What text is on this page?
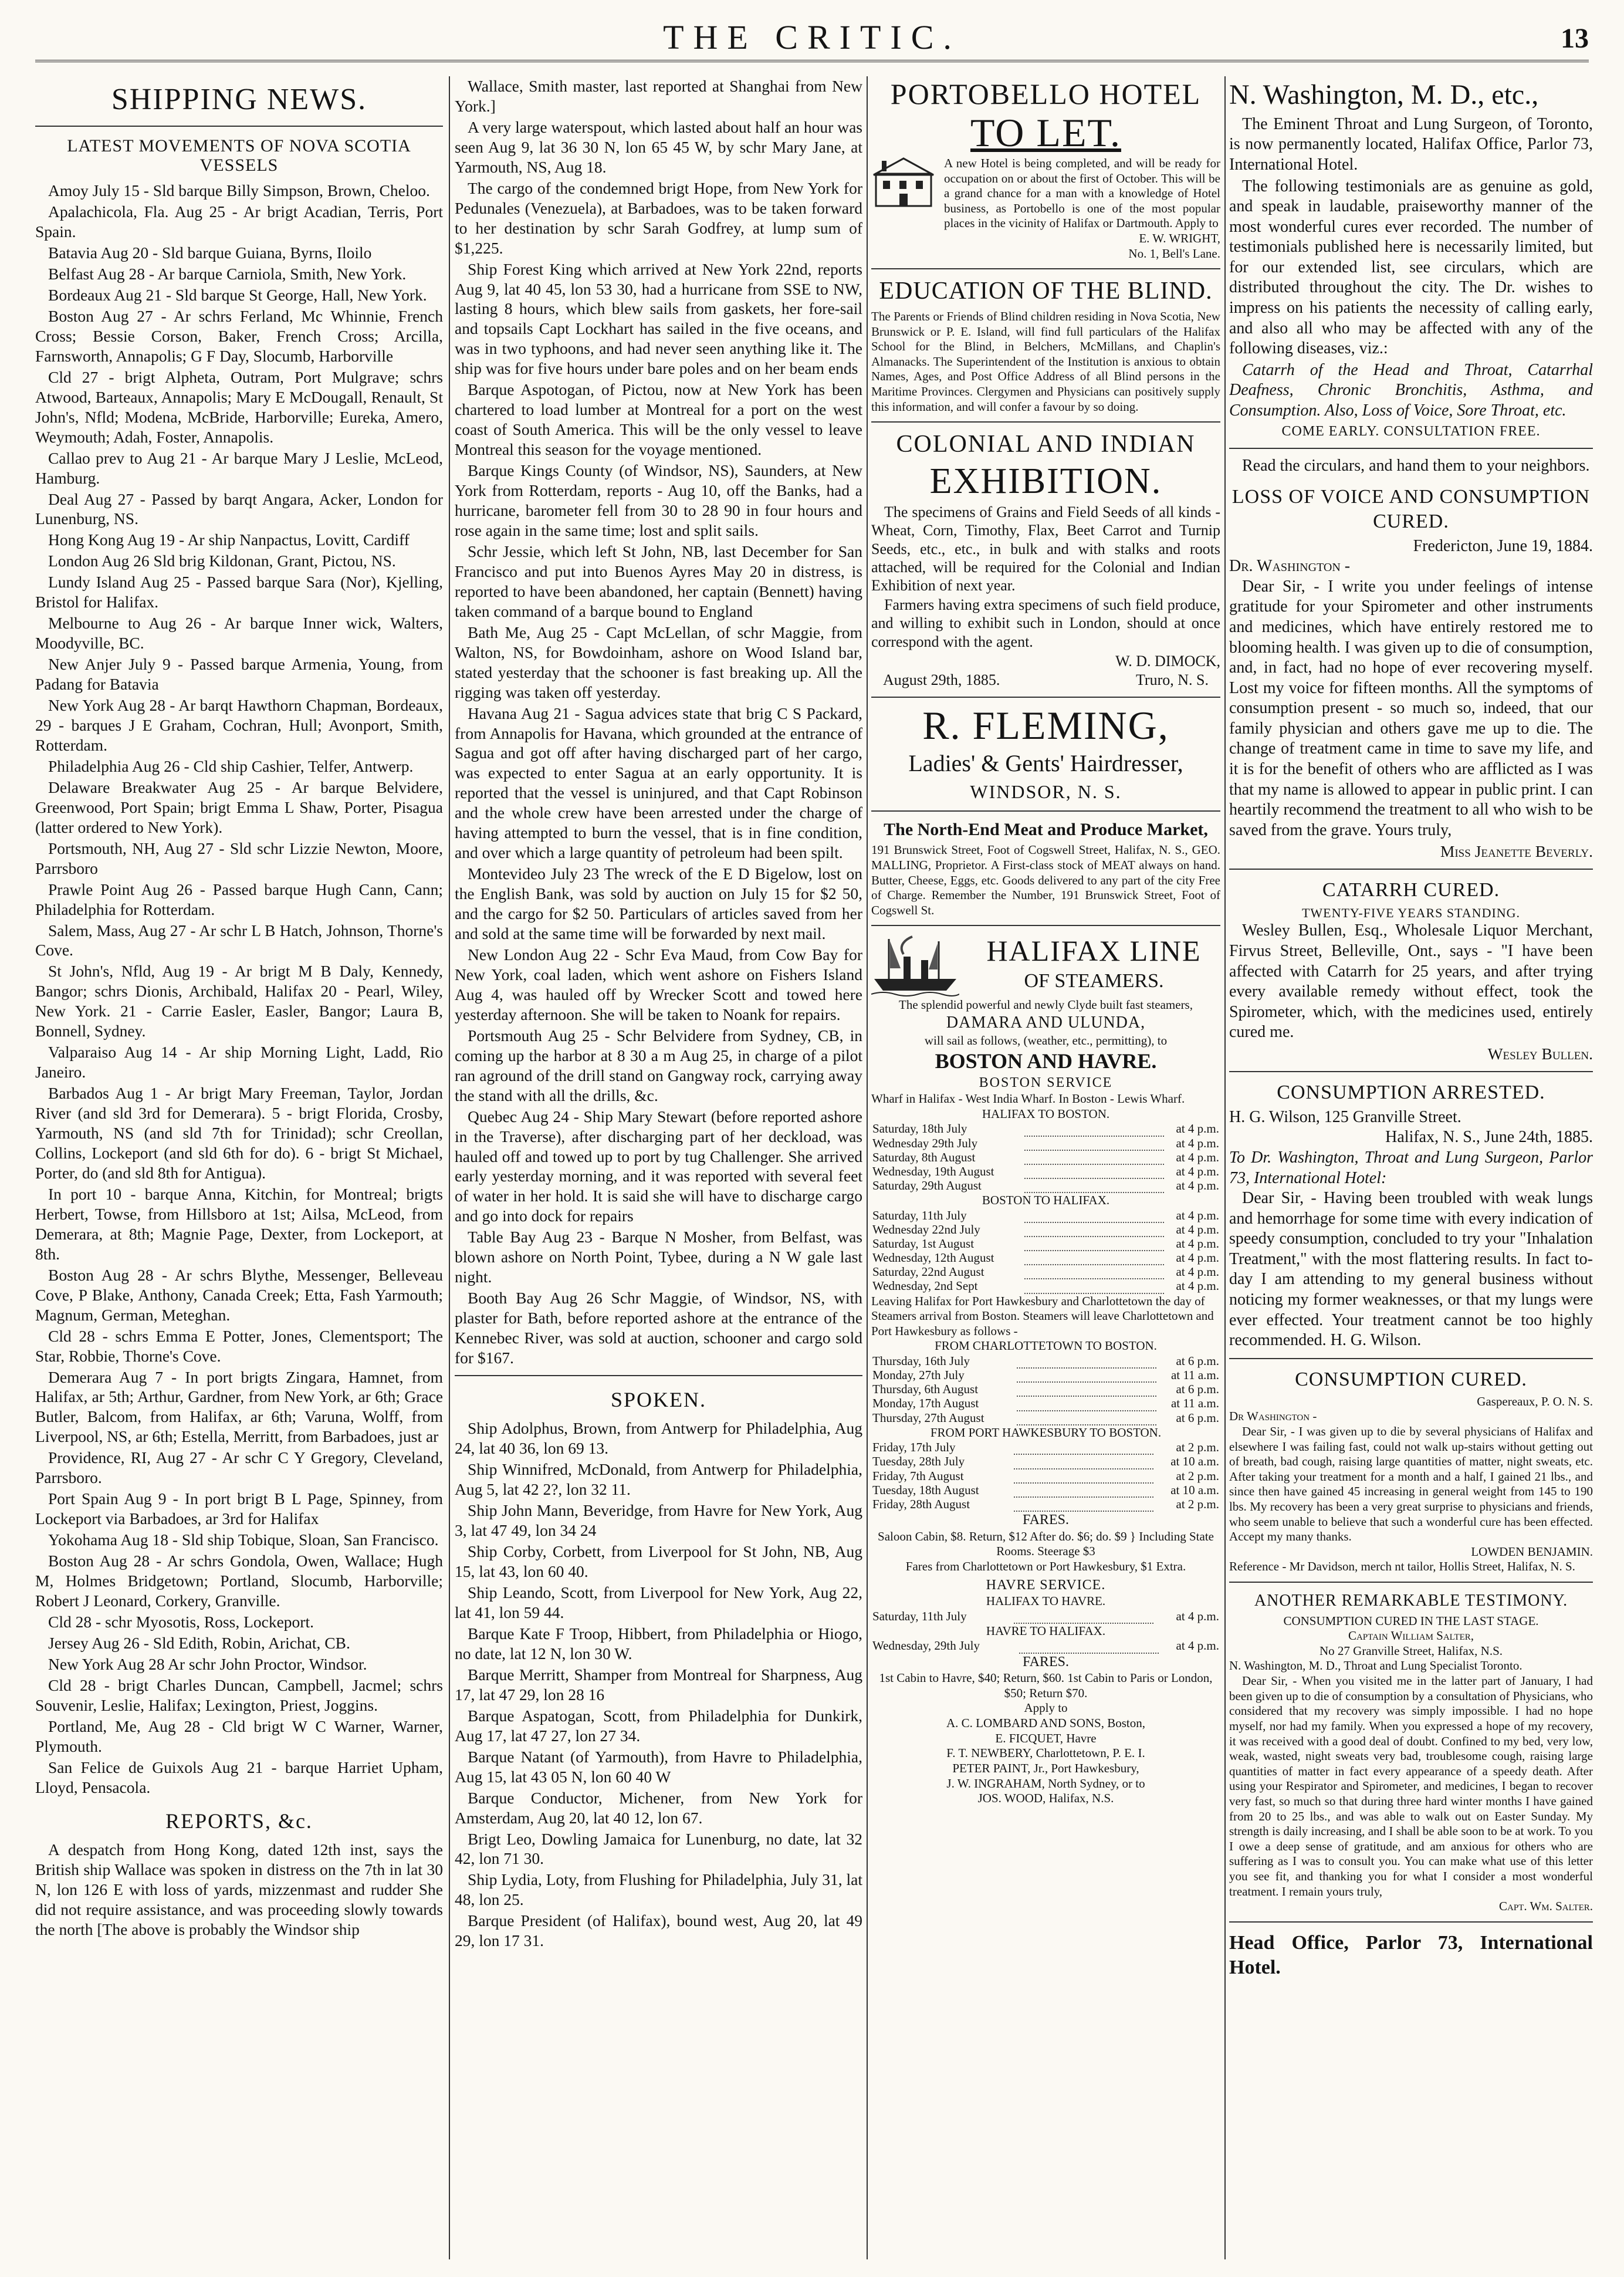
THE CRITIC.	13
SHIPPING NEWS.
LATEST MOVEMENTS OF NOVA SCOTIA VESSELS
Amoy July 15 - Sld barque Billy Simpson, Brown, Cheloo.
Apalachicola, Fla. Aug 25 - Ar brigt Acadian, Terris, Port Spain.
Batavia Aug 20 - Sld barque Guiana, Byrns, Iloilo
Belfast Aug 28 - Ar barque Carniola, Smith, New York.
Bordeaux Aug 21 - Sld barque St George, Hall, New York.
Boston Aug 27 - Ar schrs Ferland, Mc Whinnie, French Cross; Bessie Corson, Baker, French Cross; Arcilla, Farnsworth, Annapolis; G F Day, Slocumb, Harborville
Cld 27 - brigt Alpheta, Outram, Port Mulgrave; schrs Atwood, Barteaux, Annapolis; Mary E McDougall, Renault, St John's, Nfld; Modena, McBride, Harborville; Eureka, Amero, Weymouth; Adah, Foster, Annapolis.
Callao prev to Aug 21 - Ar barque Mary J Leslie, McLeod, Hamburg.
Deal Aug 27 - Passed by barqt Angara, Acker, London for Lunenburg, NS.
Hong Kong Aug 19 - Ar ship Nanpactus, Lovitt, Cardiff
London Aug 26 Sld brig Kildonan, Grant, Pictou, NS.
Lundy Island Aug 25 - Passed barque Sara (Nor), Kjelling, Bristol for Halifax.
Melbourne to Aug 26 - Ar barque Inner wick, Walters, Moodyville, BC.
New Anjer July 9 - Passed barque Armenia, Young, from Padang for Batavia
New York Aug 28 - Ar barqt Hawthorn Chapman, Bordeaux, 29 - barques J E Graham, Cochran, Hull; Avonport, Smith, Rotterdam.
Philadelphia Aug 26 - Cld ship Cashier, Telfer, Antwerp.
Delaware Breakwater Aug 25 - Ar barque Belvidere, Greenwood, Port Spain; brigt Emma L Shaw, Porter, Pisagua (latter ordered to New York).
Portsmouth, NH, Aug 27 - Sld schr Lizzie Newton, Moore, Parrsboro
Prawle Point Aug 26 - Passed barque Hugh Cann, Cann; Philadelphia for Rotterdam.
Salem, Mass, Aug 27 - Ar schr L B Hatch, Johnson, Thorne's Cove.
St John's, Nfld, Aug 19 - Ar brigt M B Daly, Kennedy, Bangor; schrs Dionis, Archibald, Halifax 20 - Pearl, Wiley, New York. 21 - Carrie Easler, Easler, Bangor; Laura B, Bonnell, Sydney.
Valparaiso Aug 14 - Ar ship Morning Light, Ladd, Rio Janeiro.
Barbados Aug 1 - Ar brigt Mary Freeman, Taylor, Jordan River (and sld 3rd for Demerara). 5 - brigt Florida, Crosby, Yarmouth, NS (and sld 7th for Trinidad); schr Creollan, Collins, Lockeport (and sld 6th for do). 6 - brigt St Michael, Porter, do (and sld 8th for Antigua).
In port 10 - barque Anna, Kitchin, for Montreal; brigts Herbert, Towse, from Hillsboro at 1st; Ailsa, McLeod, from Demerara, at 8th; Magnie Page, Dexter, from Lockeport, at 8th.
Boston Aug 28 - Ar schrs Blythe, Messenger, Belleveau Cove, P Blake, Anthony, Canada Creek; Etta, Fash Yarmouth; Magnum, German, Meteghan.
Cld 28 - schrs Emma E Potter, Jones, Clementsport; The Star, Robbie, Thorne's Cove.
Demerara Aug 7 - In port brigts Zingara, Hamnet, from Halifax, ar 5th; Arthur, Gardner, from New York, ar 6th; Grace Butler, Balcom, from Halifax, ar 6th; Varuna, Wolff, from Liverpool, NS, ar 6th; Estella, Merritt, from Barbadoes, just ar
Providence, RI, Aug 27 - Ar schr C Y Gregory, Cleveland, Parrsboro.
Port Spain Aug 9 - In port brigt B L Page, Spinney, from Lockeport via Barbadoes, ar 3rd for Halifax
Yokohama Aug 18 - Sld ship Tobique, Sloan, San Francisco.
Boston Aug 28 - Ar schrs Gondola, Owen, Wallace; Hugh M, Holmes Bridgetown; Portland, Slocumb, Harborville; Robert J Leonard, Corkery, Granville.
Cld 28 - schr Myosotis, Ross, Lockeport.
Jersey Aug 26 - Sld Edith, Robin, Arichat, CB.
New York Aug 28 Ar schr John Proctor, Windsor.
Cld 28 - brigt Charles Duncan, Campbell, Jacmel; schrs Souvenir, Leslie, Halifax; Lexington, Priest, Joggins.
Portland, Me, Aug 28 - Cld brigt W C Warner, Warner, Plymouth.
San Felice de Guixols Aug 21 - barque Harriet Upham, Lloyd, Pensacola.
REPORTS, &c.
A despatch from Hong Kong, dated 12th inst, says the British ship Wallace was spoken in distress on the 7th in lat 30 N, lon 126 E with loss of yards, mizzenmast and rudder She did not require assistance, and was proceeding slowly towards the north [The above is probably the Windsor ship
Wallace, Smith master, last reported at Shanghai from New York.]
A very large waterspout, which lasted about half an hour was seen Aug 9, lat 36 30 N, lon 65 45 W, by schr Mary Jane, at Yarmouth, NS, Aug 18.
The cargo of the condemned brigt Hope, from New York for Pedunales (Venezuela), at Barbadoes, was to be taken forward to her destination by schr Sarah Godfrey, at lump sum of $1,225.
Ship Forest King which arrived at New York 22nd, reports Aug 9, lat 40 45, lon 53 30, had a hurricane from SSE to NW, lasting 8 hours, which blew sails from gaskets, her fore-sail and topsails Capt Lockhart has sailed in the five oceans, and was in two typhoons, and had never seen anything like it. The ship was for five hours under bare poles and on her beam ends
Barque Aspotogan, of Pictou, now at New York has been chartered to load lumber at Montreal for a port on the west coast of South America. This will be the only vessel to leave Montreal this season for the voyage mentioned.
Barque Kings County (of Windsor, NS), Saunders, at New York from Rotterdam, reports - Aug 10, off the Banks, had a hurricane, barometer fell from 30 to 28 90 in four hours and rose again in the same time; lost and split sails.
Schr Jessie, which left St John, NB, last December for San Francisco and put into Buenos Ayres May 20 in distress, is reported to have been abandoned, her captain (Bennett) having taken command of a barque bound to England
Bath Me, Aug 25 - Capt McLellan, of schr Maggie, from Walton, NS, for Bowdoinham, ashore on Wood Island bar, stated yesterday that the schooner is fast breaking up. All the rigging was taken off yesterday.
Havana Aug 21 - Sagua advices state that brig C S Packard, from Annapolis for Havana, which grounded at the entrance of Sagua and got off after having discharged part of her cargo, was expected to enter Sagua at an early opportunity. It is reported that the vessel is uninjured, and that Capt Robinson and the whole crew have been arrested under the charge of having attempted to burn the vessel, that is in fine condition, and over which a large quantity of petroleum had been spilt.
Montevideo July 23 The wreck of the E D Bigelow, lost on the English Bank, was sold by auction on July 15 for $2 50, and the cargo for $2 50. Particulars of articles saved from her and sold at the same time will be forwarded by next mail.
New London Aug 22 - Schr Eva Maud, from Cow Bay for New York, coal laden, which went ashore on Fishers Island Aug 4, was hauled off by Wrecker Scott and towed here yesterday afternoon. She will be taken to Noank for repairs.
Portsmouth Aug 25 - Schr Belvidere from Sydney, CB, in coming up the harbor at 8 30 a m Aug 25, in charge of a pilot ran aground of the drill stand on Gangway rock, carrying away the stand with all the drills, &c.
Quebec Aug 24 - Ship Mary Stewart (before reported ashore in the Traverse), after discharging part of her deckload, was hauled off and towed up to port by tug Challenger. She arrived early yesterday morning, and it was reported with several feet of water in her hold. It is said she will have to discharge cargo and go into dock for repairs
Table Bay Aug 23 - Barque N Mosher, from Belfast, was blown ashore on North Point, Tybee, during a N W gale last night.
Booth Bay Aug 26 Schr Maggie, of Windsor, NS, with plaster for Bath, before reported ashore at the entrance of the Kennebec River, was sold at auction, schooner and cargo sold for $167.
SPOKEN.
Ship Adolphus, Brown, from Antwerp for Philadelphia, Aug 24, lat 40 36, lon 69 13.
Ship Winnifred, McDonald, from Antwerp for Philadelphia, Aug 5, lat 42 2?, lon 32 11.
Ship John Mann, Beveridge, from Havre for New York, Aug 3, lat 47 49, lon 34 24
Ship Corby, Corbett, from Liverpool for St John, NB, Aug 15, lat 43, lon 60 40.
Ship Leando, Scott, from Liverpool for New York, Aug 22, lat 41, lon 59 44.
Barque Kate F Troop, Hibbert, from Philadelphia or Hiogo, no date, lat 12 N, lon 30 W.
Barque Merritt, Shamper from Montreal for Sharpness, Aug 17, lat 47 29, lon 28 16
Barque Aspatogan, Scott, from Philadelphia for Dunkirk, Aug 17, lat 47 27, lon 27 34.
Barque Natant (of Yarmouth), from Havre to Philadelphia, Aug 15, lat 43 05 N, lon 60 40 W
Barque Conductor, Michener, from New York for Amsterdam, Aug 20, lat 40 12, lon 67.
Brigt Leo, Dowling Jamaica for Lunenburg, no date, lat 32 42, lon 71 30.
Ship Lydia, Loty, from Flushing for Philadelphia, July 31, lat 48, lon 25.
Barque President (of Halifax), bound west, Aug 20, lat 49 29, lon 17 31.
PORTOBELLO HOTEL
TO LET.
A new Hotel is being completed, and will be ready for occupation on or about the first of October. This will be a grand chance for a man with a knowledge of Hotel business, as Portobello is one of the most popular places in the vicinity of Halifax or Dartmouth. Apply to
E. W. WRIGHT,
No. 1, Bell's Lane.
EDUCATION OF THE BLIND.
The Parents or Friends of Blind children residing in Nova Scotia, New Brunswick or P. E. Island, will find full particulars of the Halifax School for the Blind, in Belchers, McMillans, and Chaplin's Almanacks. The Superintendent of the Institution is anxious to obtain Names, Ages, and Post Office Address of all Blind persons in the Maritime Provinces. Clergymen and Physicians can positively supply this information, and will confer a favour by so doing.
COLONIAL AND INDIAN
EXHIBITION.
The specimens of Grains and Field Seeds of all kinds - Wheat, Corn, Timothy, Flax, Beet Carrot and Turnip Seeds, etc., etc., in bulk and with stalks and roots attached, will be required for the Colonial and Indian Exhibition of next year.
Farmers having extra specimens of such field produce, and willing to exhibit such in London, should at once correspond with the agent.
W. D. DIMOCK,
August 29th, 1885.	Truro, N. S.
R. FLEMING,
Ladies' & Gents' Hairdresser,
WINDSOR, N. S.
The North-End Meat and Produce Market,
191 Brunswick Street, Foot of Cogswell Street, Halifax, N. S., GEO. MALLING, Proprietor. A First-class stock of MEAT always on hand. Butter, Cheese, Eggs, etc. Goods delivered to any part of the city Free of Charge. Remember the Number, 191 Brunswick Street, Foot of Cogswell St.
HALIFAX LINE
OF STEAMERS.
The splendid powerful and newly Clyde built fast steamers,
DAMARA AND ULUNDA,
will sail as follows, (weather, etc., permitting), to
BOSTON AND HAVRE.
BOSTON SERVICE
Wharf in Halifax - West India Wharf. In Boston - Lewis Wharf.
HALIFAX TO BOSTON.
Saturday, 18th July		at 4 p.m.
Wednesday 29th July		at 4 p.m.
Saturday, 8th August		at 4 p.m.
Wednesday, 19th August		at 4 p.m.
Saturday, 29th August		at 4 p.m.
BOSTON TO HALIFAX.
Saturday, 11th July		at 4 p.m.
Wednesday 22nd July		at 4 p.m.
Saturday, 1st August		at 4 p.m.
Wednesday, 12th August		at 4 p.m.
Saturday, 22nd August		at 4 p.m.
Wednesday, 2nd Sept		at 4 p.m.
Leaving Halifax for Port Hawkesbury and Charlottetown the day of Steamers arrival from Boston. Steamers will leave Charlottetown and Port Hawkesbury as follows -
FROM CHARLOTTETOWN TO BOSTON.
Thursday, 16th July		at 6 p.m.
Monday, 27th July		at 11 a.m.
Thursday, 6th August		at 6 p.m.
Monday, 17th August		at 11 a.m.
Thursday, 27th August		at 6 p.m.
FROM PORT HAWKESBURY TO BOSTON.
Friday, 17th July		at 2 p.m.
Tuesday, 28th July		at 10 a.m.
Friday, 7th August		at 2 p.m.
Tuesday, 18th August		at 10 a.m.
Friday, 28th August		at 2 p.m.
FARES.
Saloon Cabin, $8. Return, $12 After do. $6; do. $9 } Including State Rooms. Steerage $3
Fares from Charlottetown or Port Hawkesbury, $1 Extra.
HAVRE SERVICE.
HALIFAX TO HAVRE.
Saturday, 11th July		at 4 p.m.
HAVRE TO HALIFAX.
Wednesday, 29th July		at 4 p.m.
FARES.
1st Cabin to Havre, $40; Return, $60. 1st Cabin to Paris or London, $50; Return $70.
Apply to
A. C. LOMBARD AND SONS, Boston,
E. FICQUET, Havre
F. T. NEWBERY, Charlottetown, P. E. I.
PETER PAINT, Jr., Port Hawkesbury,
J. W. INGRAHAM, North Sydney, or to
JOS. WOOD, Halifax, N.S.
N. Washington, M. D., etc.,
The Eminent Throat and Lung Surgeon, of Toronto, is now permanently located, Halifax Office, Parlor 73, International Hotel.
The following testimonials are as genuine as gold, and speak in laudable, praiseworthy manner of the most wonderful cures ever recorded. The number of testimonials published here is necessarily limited, but for our extended list, see circulars, which are distributed throughout the city. The Dr. wishes to impress on his patients the necessity of calling early, and also all who may be affected with any of the following diseases, viz.:
Catarrh of the Head and Throat, Catarrhal Deafness, Chronic Bronchitis, Asthma, and Consumption. Also, Loss of Voice, Sore Throat, etc.
COME EARLY. CONSULTATION FREE.
Read the circulars, and hand them to your neighbors.
LOSS OF VOICE AND CONSUMPTION CURED.
Fredericton, June 19, 1884.
Dr. Washington -
Dear Sir, - I write you under feelings of intense gratitude for your Spirometer and other instruments and medicines, which have entirely restored me to blooming health. I was given up to die of consumption, and, in fact, had no hope of ever recovering myself. Lost my voice for fifteen months. All the symptoms of consumption present - so much so, indeed, that our family physician and others gave me up to die. The change of treatment came in time to save my life, and it is for the benefit of others who are afflicted as I was that my name is allowed to appear in public print. I can heartily recommend the treatment to all who wish to be saved from the grave. Yours truly,
Miss Jeanette Beverly.
CATARRH CURED.
TWENTY-FIVE YEARS STANDING.
Wesley Bullen, Esq., Wholesale Liquor Merchant, Firvus Street, Belleville, Ont., says - "I have been affected with Catarrh for 25 years, and after trying every available remedy without effect, took the Spirometer, which, with the medicines used, entirely cured me.
Wesley Bullen.
CONSUMPTION ARRESTED.
H. G. Wilson, 125 Granville Street.
Halifax, N. S., June 24th, 1885.
To Dr. Washington, Throat and Lung Surgeon, Parlor 73, International Hotel:
Dear Sir, - Having been troubled with weak lungs and hemorrhage for some time with every indication of speedy consumption, concluded to try your "Inhalation Treatment," with the most flattering results. In fact to-day I am attending to my general business without noticing my former weaknesses, or that my lungs were ever effected. Your treatment cannot be too highly recommended. H. G. Wilson.
CONSUMPTION CURED.
Gaspereaux, P. O. N. S.
Dr Washington -
Dear Sir, - I was given up to die by several physicians of Halifax and elsewhere I was failing fast, could not walk up-stairs without getting out of breath, bad cough, raising large quantities of matter, night sweats, etc. After taking your treatment for a month and a half, I gained 21 lbs., and since then have gained 45 increasing in general weight from 145 to 190 lbs. My recovery has been a very great surprise to physicians and friends, who seem unable to believe that such a wonderful cure has been effected. Accept my many thanks.
LOWDEN BENJAMIN.
Reference - Mr Davidson, merch nt tailor, Hollis Street, Halifax, N. S.
ANOTHER REMARKABLE TESTIMONY.
CONSUMPTION CURED IN THE LAST STAGE.
Captain William Salter,
No 27 Granville Street, Halifax, N.S.
N. Washington, M. D., Throat and Lung Specialist Toronto.
Dear Sir, - When you visited me in the latter part of January, I had been given up to die of consumption by a consultation of Physicians, who considered that my recovery was simply impossible. I had no hope myself, nor had my family. When you expressed a hope of my recovery, it was received with a good deal of doubt. Confined to my bed, very low, weak, wasted, night sweats very bad, troublesome cough, raising large quantities of matter in fact every appearance of a speedy death. After using your Respirator and Spirometer, and medicines, I began to recover very fast, so much so that during three hard winter months I have gained from 20 to 25 lbs., and was able to walk out on Easter Sunday. My strength is daily increasing, and I shall be able soon to be at work. To you I owe a deep sense of gratitude, and am anxious for others who are suffering as I was to consult you. You can make what use of this letter you see fit, and thanking you for what I consider a most wonderful treatment. I remain yours truly,
Capt. Wm. Salter.
Head Office, Parlor 73, International Hotel.
